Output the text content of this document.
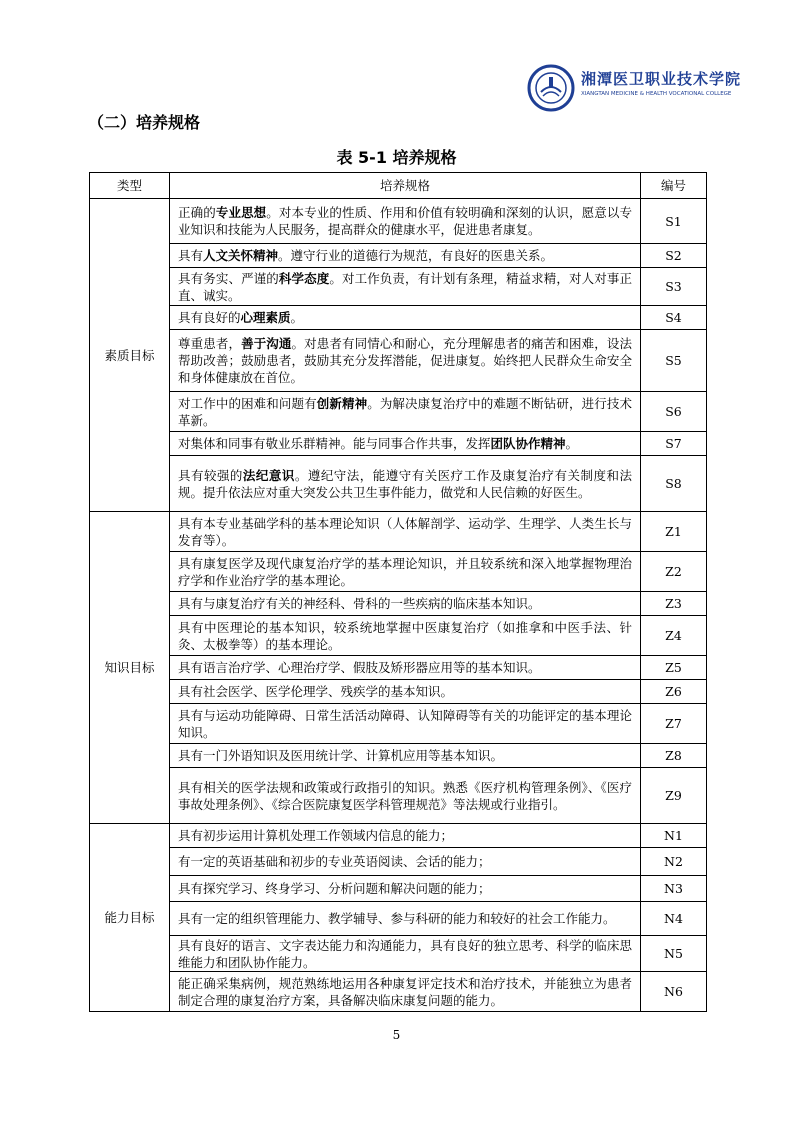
湘潭医卫职业技术学院
XIANGTAN MEDICINE & HEALTH VOCATIONAL COLLEGE
（二）培养规格
表 5-1 培养规格
类型	培养规格	编号
素质目标	正确的专业思想。对本专业的性质、作用和价值有较明确和深刻的认识，愿意以专业知识和技能为人民服务，提高群众的健康水平，促进患者康复。	S1
	具有人文关怀精神。遵守行业的道德行为规范，有良好的医患关系。	S2
	具有务实、严谨的科学态度。对工作负责，有计划有条理，精益求精，对人对事正直、诚实。	S3
	具有良好的心理素质。	S4
	尊重患者，善于沟通。对患者有同情心和耐心，充分理解患者的痛苦和困难，设法帮助改善；鼓励患者，鼓励其充分发挥潜能，促进康复。始终把人民群众生命安全和身体健康放在首位。	S5
	对工作中的困难和问题有创新精神。为解决康复治疗中的难题不断钻研，进行技术革新。	S6
	对集体和同事有敬业乐群精神。能与同事合作共事，发挥团队协作精神。	S7
	具有较强的法纪意识。遵纪守法，能遵守有关医疗工作及康复治疗有关制度和法规。提升依法应对重大突发公共卫生事件能力，做党和人民信赖的好医生。	S8
知识目标	具有本专业基础学科的基本理论知识（人体解剖学、运动学、生理学、人类生长与发育等）。	Z1
	具有康复医学及现代康复治疗学的基本理论知识，并且较系统和深入地掌握物理治疗学和作业治疗学的基本理论。	Z2
	具有与康复治疗有关的神经科、骨科的一些疾病的临床基本知识。	Z3
	具有中医理论的基本知识，较系统地掌握中医康复治疗（如推拿和中医手法、针灸、太极拳等）的基本理论。	Z4
	具有语言治疗学、心理治疗学、假肢及矫形器应用等的基本知识。	Z5
	具有社会医学、医学伦理学、残疾学的基本知识。	Z6
	具有与运动功能障碍、日常生活活动障碍、认知障碍等有关的功能评定的基本理论知识。	Z7
	具有一门外语知识及医用统计学、计算机应用等基本知识。	Z8
	具有相关的医学法规和政策或行政指引的知识。熟悉《医疗机构管理条例》、《医疗事故处理条例》、《综合医院康复医学科管理规范》等法规或行业指引。	Z9
能力目标	具有初步运用计算机处理工作领域内信息的能力；	N1
	有一定的英语基础和初步的专业英语阅读、会话的能力；	N2
	具有探究学习、终身学习、分析问题和解决问题的能力；	N3
	具有一定的组织管理能力、教学辅导、参与科研的能力和较好的社会工作能力。	N4
	具有良好的语言、文字表达能力和沟通能力，具有良好的独立思考、科学的临床思维能力和团队协作能力。	N5
	能正确采集病例，规范熟练地运用各种康复评定技术和治疗技术，并能独立为患者制定合理的康复治疗方案，具备解决临床康复问题的能力。	N6
5
